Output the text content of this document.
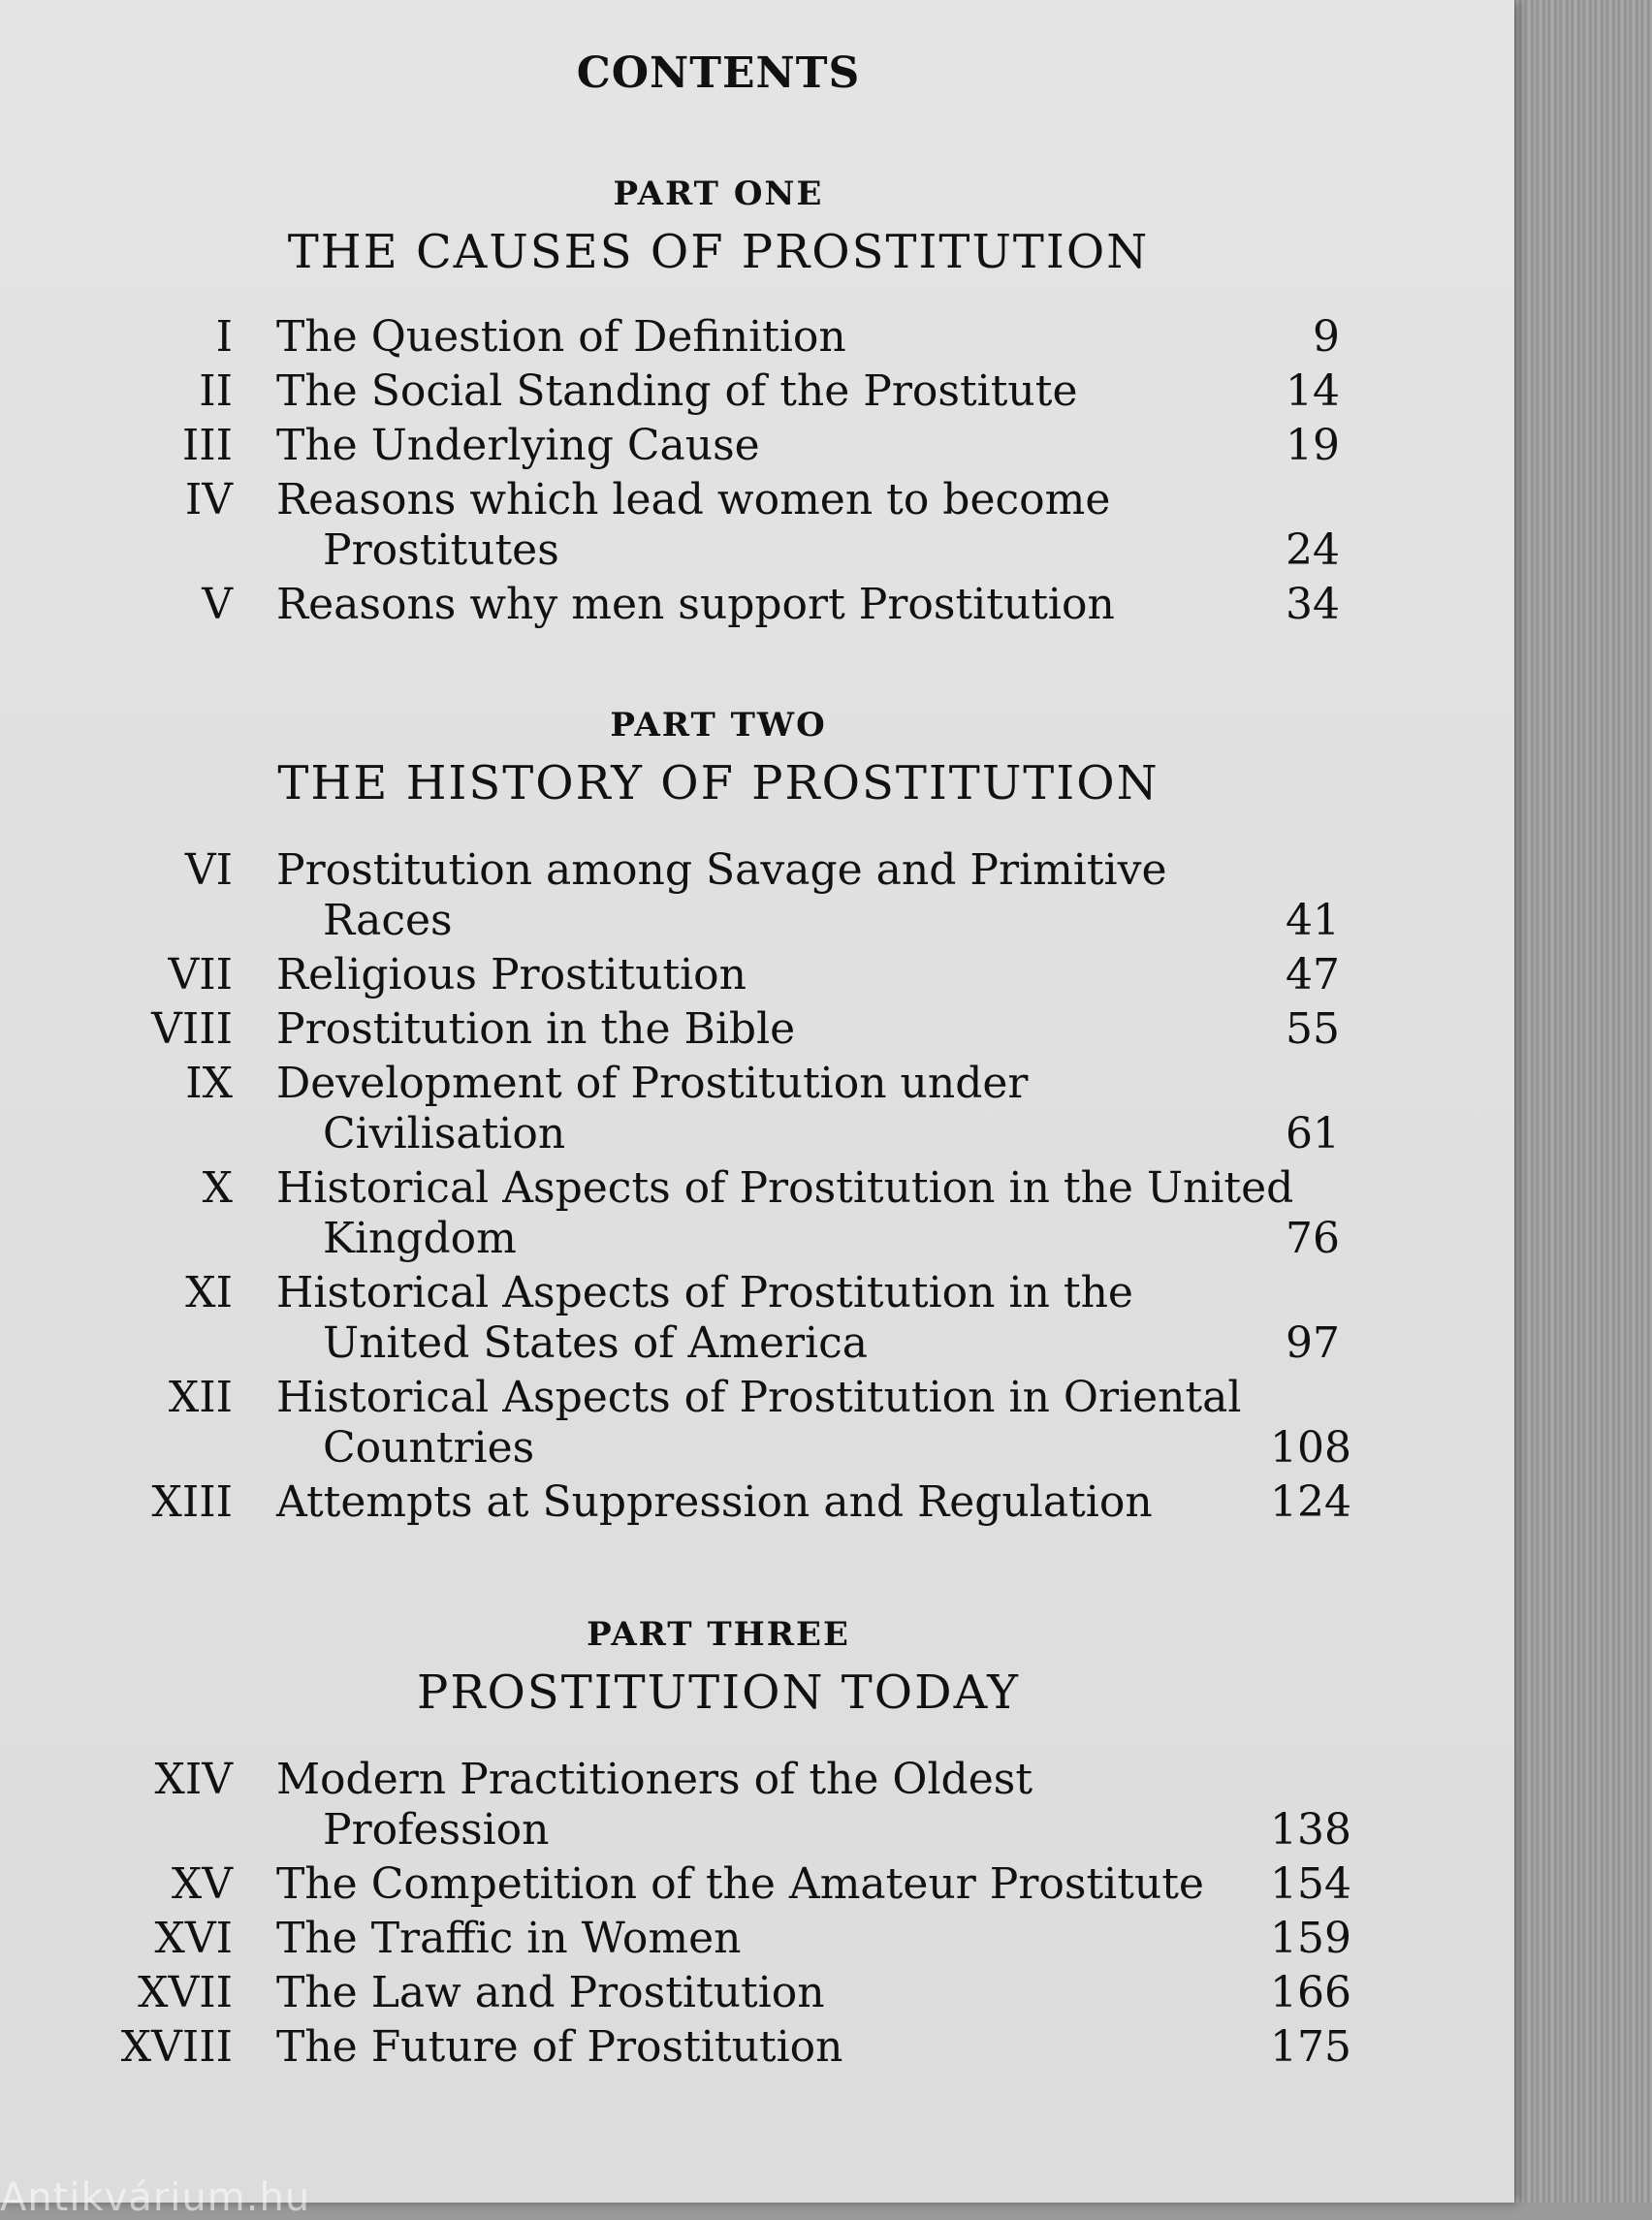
CONTENTS
PART ONE
THE CAUSES OF PROSTITUTION
I The Question of Definition	9
II The Social Standing of the Prostitute	14
III The Underlying Cause	19
IV Reasons which lead women to become
Prostitutes	24
V Reasons why men support Prostitution	34
PART TWO
THE HISTORY OF PROSTITUTION
VI Prostitution among Savage and Primitive
Races	41
VII Religious Prostitution	47
VIII Prostitution in the Bible	55
IX Development of Prostitution under
Civilisation	61
X Historical Aspects of Prostitution in the United
Kingdom	76
XI Historical Aspects of Prostitution in the
United States of America	97
XII Historical Aspects of Prostitution in Oriental
Countries	108
XIII Attempts at Suppression and Regulation	124
PART THREE
PROSTITUTION TODAY
XIV Modern Practitioners of the Oldest
Profession	138
XV The Competition of the Amateur Prostitute	154
XVI The Traffic in Women	159
XVII The Law and Prostitution	166
XVIII The Future of Prostitution	175
Antikvárium.hu
